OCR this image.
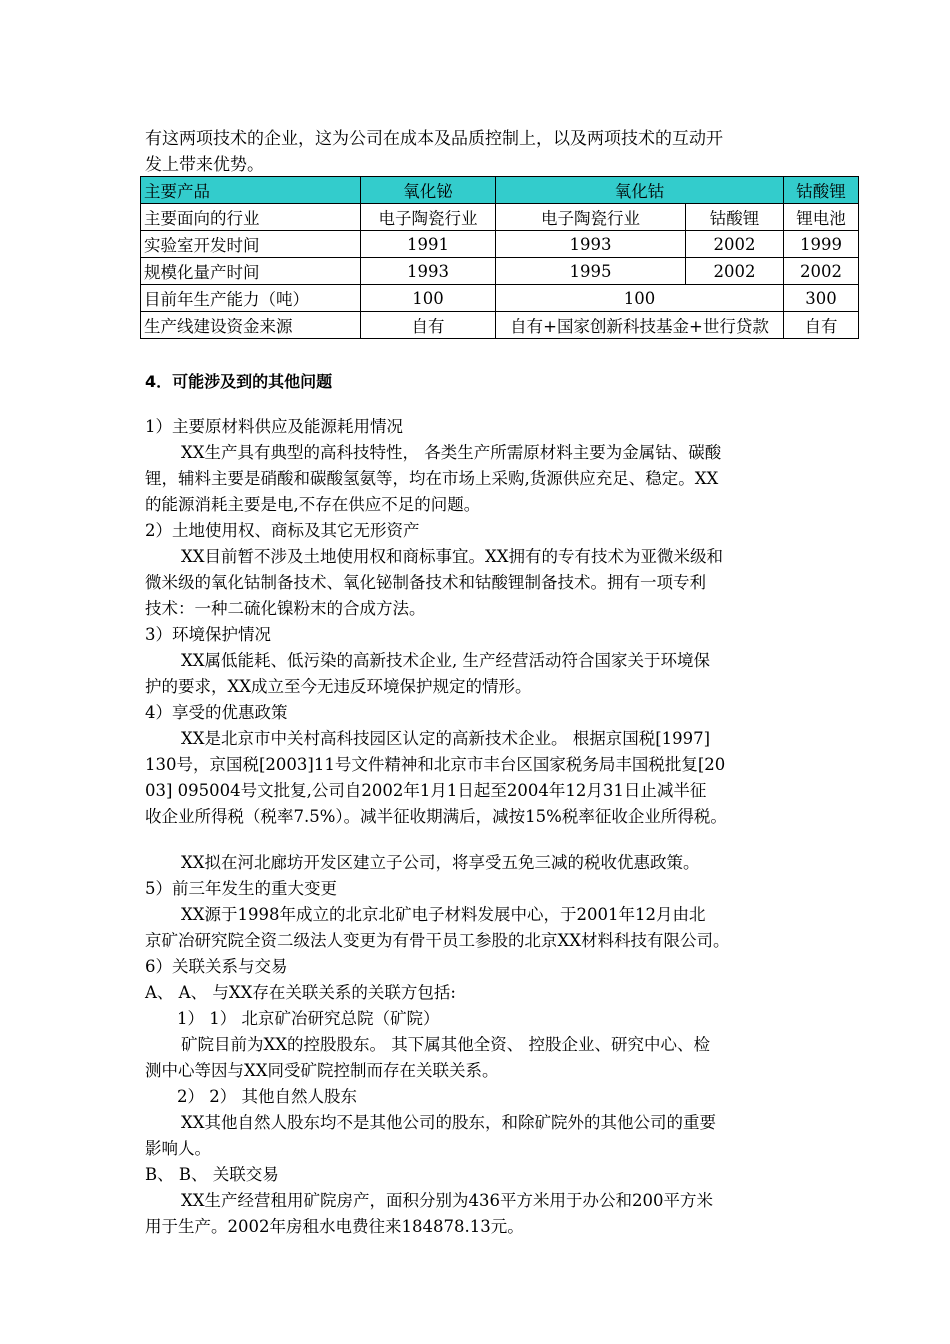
有这两项技术的企业，这为公司在成本及品质控制上，以及两项技术的互动开

发上带来优势。

主要产品	氧化铋	氧化钴		钴酸锂
主要面向的行业	电子陶瓷行业	电子陶瓷行业	钴酸锂	锂电池
实验室开发时间	1991	1993	2002	1999
规模化量产时间	1993	1995	2002	2002
目前年生产能力（吨）	100	100		300
生产线建设资金来源	自有	自有+国家创新科技基金+世行贷款		自有
4．可能涉及到的其他问题

1）主要原材料供应及能源耗用情况

XX生产具有典型的高科技特性， 各类生产所需原材料主要为金属钴、碳酸

锂，辅料主要是硝酸和碳酸氢氨等，均在市场上采购,货源供应充足、稳定。XX

的能源消耗主要是电,不存在供应不足的问题。

2）土地使用权、商标及其它无形资产

XX目前暂不涉及土地使用权和商标事宜。XX拥有的专有技术为亚微米级和

微米级的氧化钴制备技术、氧化铋制备技术和钴酸锂制备技术。拥有一项专利

技术：一种二硫化镍粉末的合成方法。

3）环境保护情况

XX属低能耗、低污染的高新技术企业, 生产经营活动符合国家关于环境保

护的要求，XX成立至今无违反环境保护规定的情形。

4）享受的优惠政策

XX是北京市中关村高科技园区认定的高新技术企业。 根据京国税[1997]

130号，京国税[2003]11号文件精神和北京市丰台区国家税务局丰国税批复[20

03] 095004号文批复,公司自2002年1月1日起至2004年12月31日止减半征

收企业所得税（税率7.5%）。减半征收期满后，减按15%税率征收企业所得税。

XX拟在河北廊坊开发区建立子公司，将享受五免三减的税收优惠政策。

5）前三年发生的重大变更

XX源于1998年成立的北京北矿电子材料发展中心，于2001年12月由北

京矿冶研究院全资二级法人变更为有骨干员工参股的北京XX材料科技有限公司。

6）关联关系与交易

A、 A、 与XX存在关联关系的关联方包括:

1） 1） 北京矿冶研究总院（矿院）

矿院目前为XX的控股股东。 其下属其他全资、 控股企业、研究中心、检

测中心等因与XX同受矿院控制而存在关联关系。

2） 2） 其他自然人股东

XX其他自然人股东均不是其他公司的股东，和除矿院外的其他公司的重要

影响人。

B、 B、 关联交易

XX生产经营租用矿院房产，面积分别为436平方米用于办公和200平方米

用于生产。2002年房租水电费往来184878.13元。
